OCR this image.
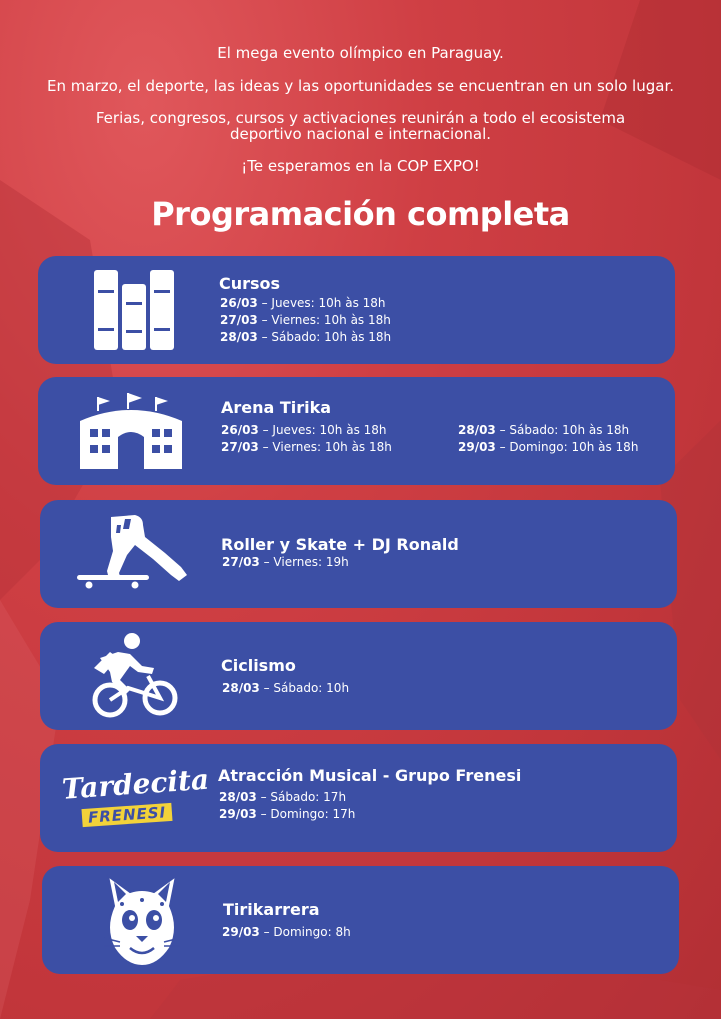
El mega evento olímpico en Paraguay.
En marzo, el deporte, las ideas y las oportunidades se encuentran en un solo lugar.
Ferias, congresos, cursos y activaciones reunirán a todo el ecosistema
deportivo nacional e internacional.
¡Te esperamos en la COP EXPO!
Programación completa
Cursos
26/03 – Jueves: 10h às 18h
27/03 – Viernes: 10h às 18h
28/03 – Sábado: 10h às 18h
Arena Tirika
26/03 – Jueves: 10h às 18h
27/03 – Viernes: 10h às 18h
28/03 – Sábado: 10h às 18h
29/03 – Domingo: 10h às 18h
Roller y Skate + DJ Ronald
27/03 – Viernes: 19h
Ciclismo
28/03 – Sábado: 10h
Tardecita
FRENESI
Atracción Musical - Grupo Frenesi
28/03 – Sábado: 17h
29/03 – Domingo: 17h
Tirikarrera
29/03 – Domingo: 8h
